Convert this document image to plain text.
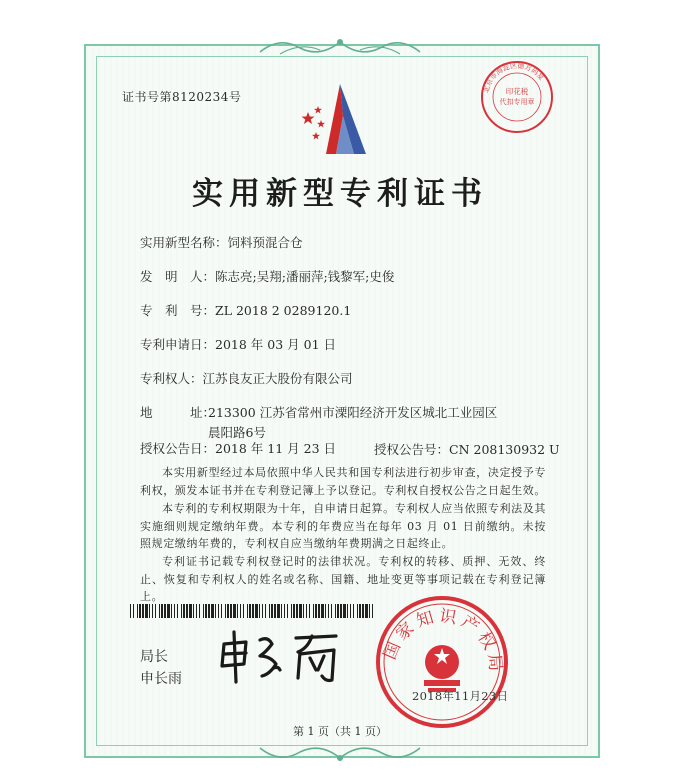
证书号第8120234号
北京市海淀区德方码复
印花税
代扣专用章
实用新型专利证书
实用新型名称：饲料预混合仓
发　明　人：陈志亮;吴翔;潘丽萍;钱黎军;史俊
专　利　号：ZL 2018 2 0289120.1
专利申请日：2018 年 03 月 01 日
专利权人：江苏良友正大股份有限公司
地　　　址：
213300 江苏省常州市溧阳经济开发区城北工业园区晨阳路6号
授权公告日：2018 年 11 月 23 日	授权公告号：CN 208130932 U
本实用新型经过本局依照中华人民共和国专利法进行初步审查，决定授予专利权，颁发本证书并在专利登记簿上予以登记。专利权自授权公告之日起生效。
本专利的专利权期限为十年，自申请日起算。专利权人应当依照专利法及其实施细则规定缴纳年费。本专利的年费应当在每年 03 月 01 日前缴纳。未按照规定缴纳年费的，专利权自应当缴纳年费期满之日起终止。
专利证书记载专利权登记时的法律状况。专利权的转移、质押、无效、终止、恢复和专利权人的姓名或名称、国籍、地址变更等事项记载在专利登记簿上。
局长
申长雨
国家知识产权局
2018年11月23日
第 1 页（共 1 页）
